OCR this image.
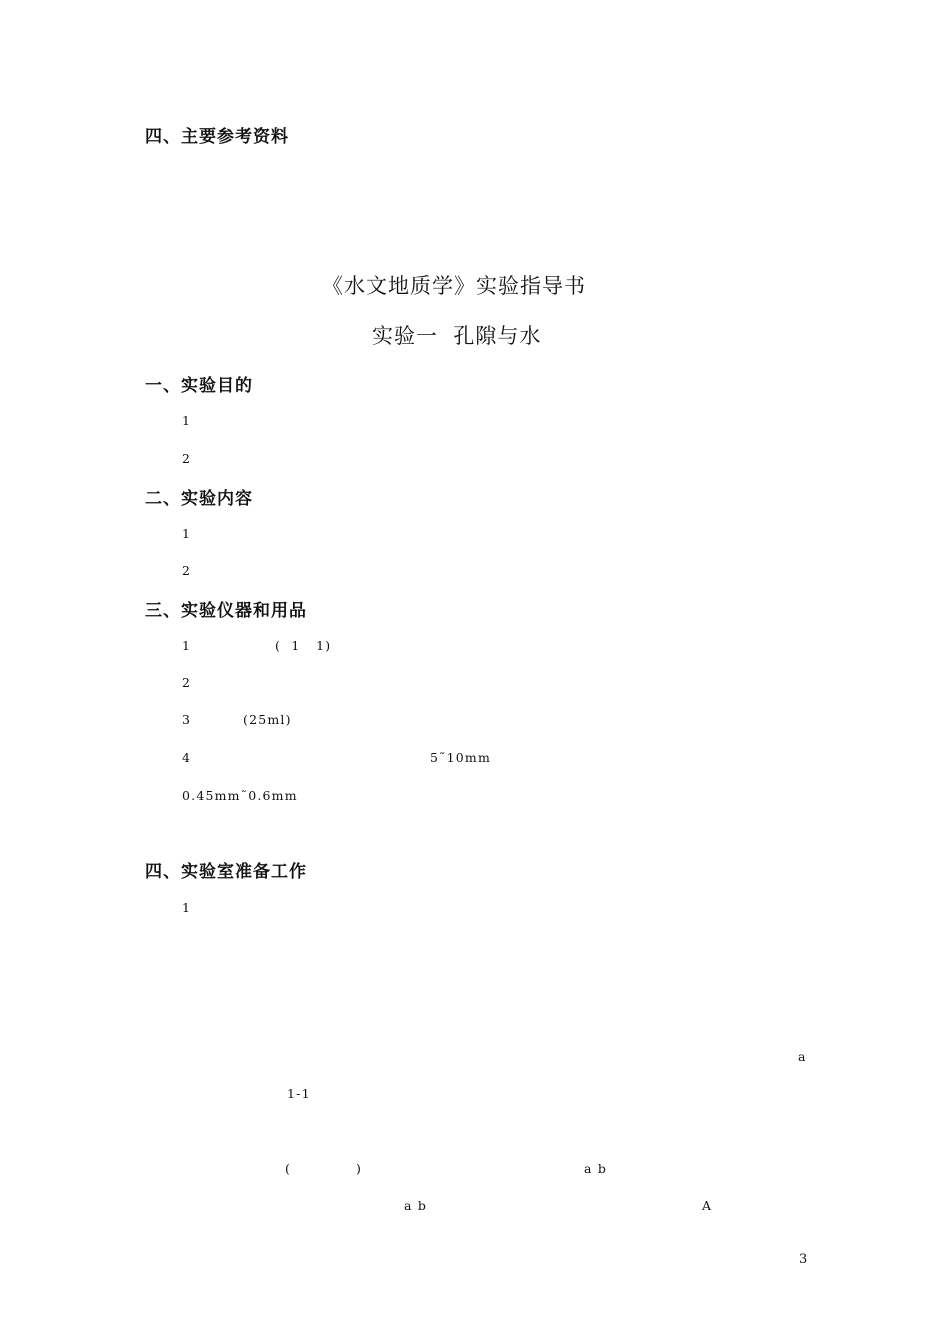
四、主要参考资料
《水文地质学》实验指导书
实验一  孔隙与水
一、实验目的
1
2
二、实验内容
1
2
三、实验仪器和用品
1	(  1   1)
2
3	(25ml)
4	5˜10mm
0.45mm˜0.6mm
四、实验室准备工作
1
a
1-1
(	)	a b
a b	A
3
